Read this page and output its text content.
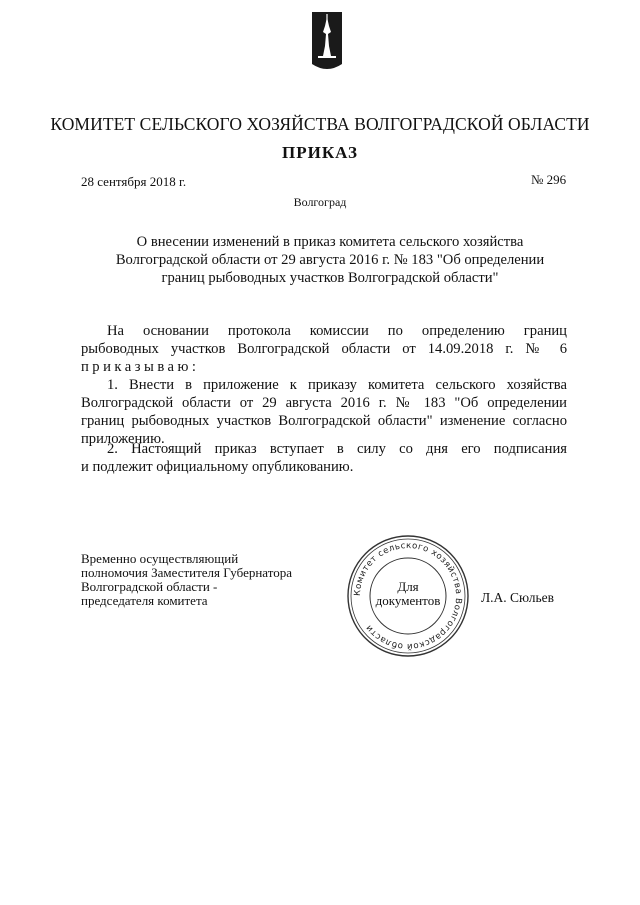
КОМИТЕТ СЕЛЬСКОГО ХОЗЯЙСТВА ВОЛГОГРАДСКОЙ ОБЛАСТИ
ПРИКАЗ
28 сентября 2018 г.	№ 296
Волгоград
О внесении изменений в приказ комитета сельского хозяйства
Волгоградской области от 29 августа 2016 г. № 183 "Об определении
границ рыбоводных участков Волгоградской области"
На основании протокола комиссии по определению границ
рыбоводных участков Волгоградской области от 14.09.2018 г. № 6
приказываю:
1. Внести в приложение к приказу комитета сельского хозяйства
Волгоградской области от 29 августа 2016 г. № 183 "Об определении
границ рыбоводных участков Волгоградской области" изменение согласно
приложению.
2. Настоящий приказ вступает в силу со дня его подписания
и подлежит официальному опубликованию.
Временно осуществляющий
полномочия Заместителя Губернатора
Волгоградской области -
председателя комитета	Л.А. Сюльев
Комитет сельского хозяйства Волгоградской области
Для
документов
